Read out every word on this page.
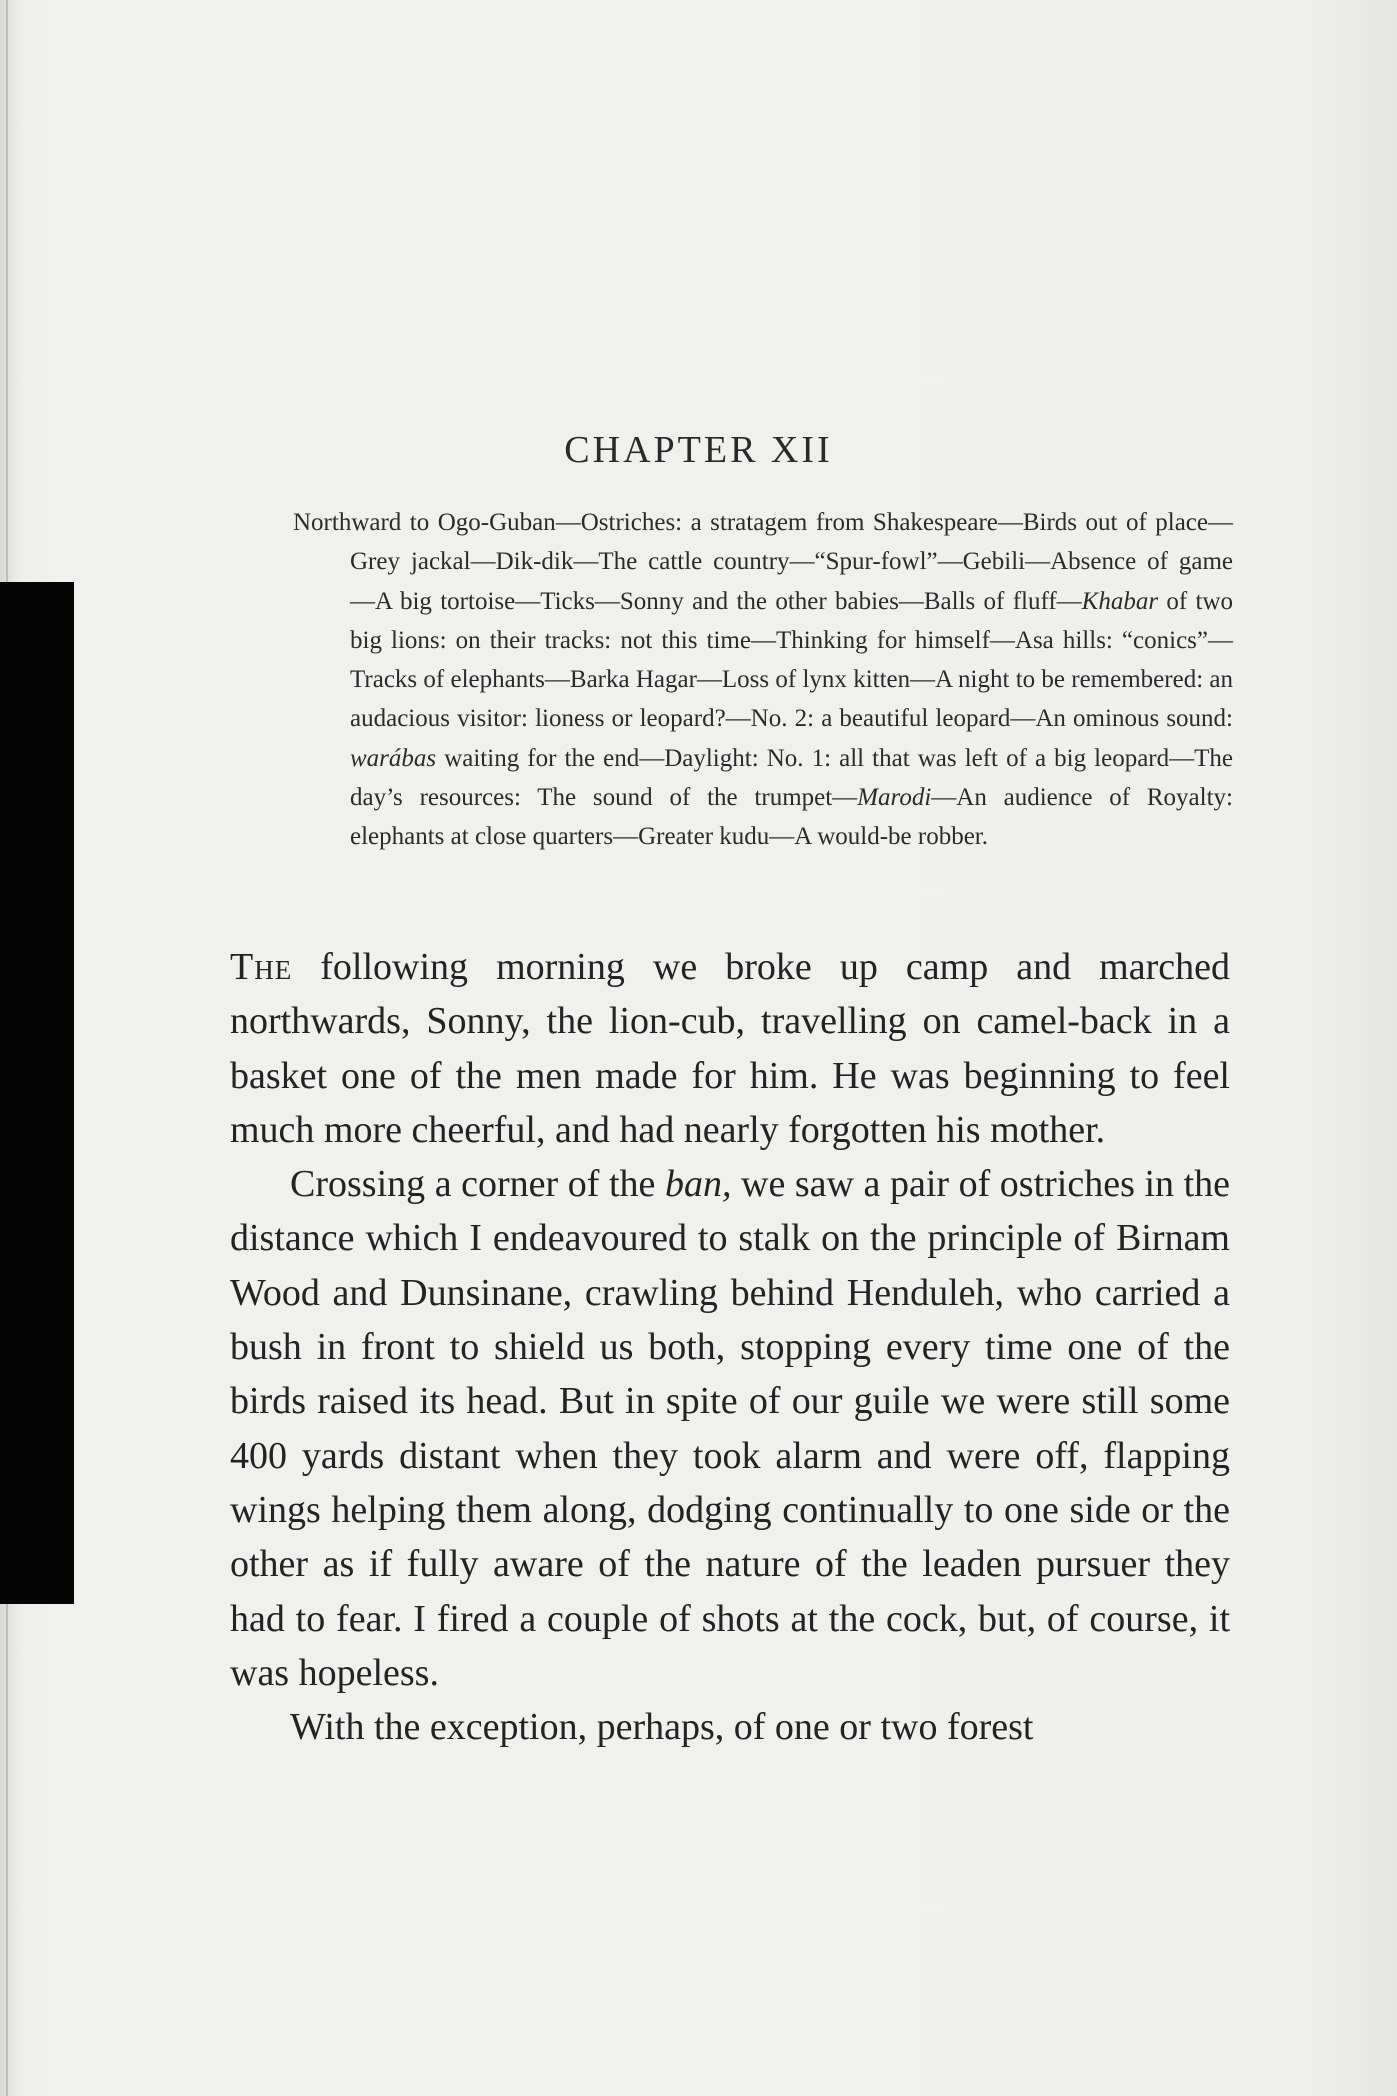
CHAPTER XII
Northward to Ogo-Guban—Ostriches: a stratagem from Shakespeare—Birds out of place—Grey jackal—Dik-dik—The cattle country—“Spur-fowl”—Gebili—Absence of game—A big tortoise—Ticks—Sonny and the other babies—Balls of fluff—Khabar of two big lions: on their tracks: not this time—Thinking for himself—Asa hills: “conics”—Tracks of elephants—Barka Hagar—Loss of lynx kitten—A night to be remembered: an audacious visitor: lioness or leopard?—No. 2: a beautiful leopard—An ominous sound: warábas waiting for the end—Daylight: No. 1: all that was left of a big leopard—The day’s resources: The sound of the trumpet—Marodi—An audience of Royalty: elephants at close quarters—Greater kudu—A would-be robber.

The following morning we broke up camp and marched northwards, Sonny, the lion-cub, travelling on camel-back in a basket one of the men made for him. He was beginning to feel much more cheerful, and had nearly forgotten his mother.

Crossing a corner of the ban, we saw a pair of ostriches in the distance which I endeavoured to stalk on the principle of Birnam Wood and Dunsinane, crawling behind Henduleh, who carried a bush in front to shield us both, stopping every time one of the birds raised its head. But in spite of our guile we were still some 400 yards distant when they took alarm and were off, flapping wings helping them along, dodging continually to one side or the other as if fully aware of the nature of the leaden pursuer they had to fear. I fired a couple of shots at the cock, but, of course, it was hopeless.

With the exception, perhaps, of one or two forest
